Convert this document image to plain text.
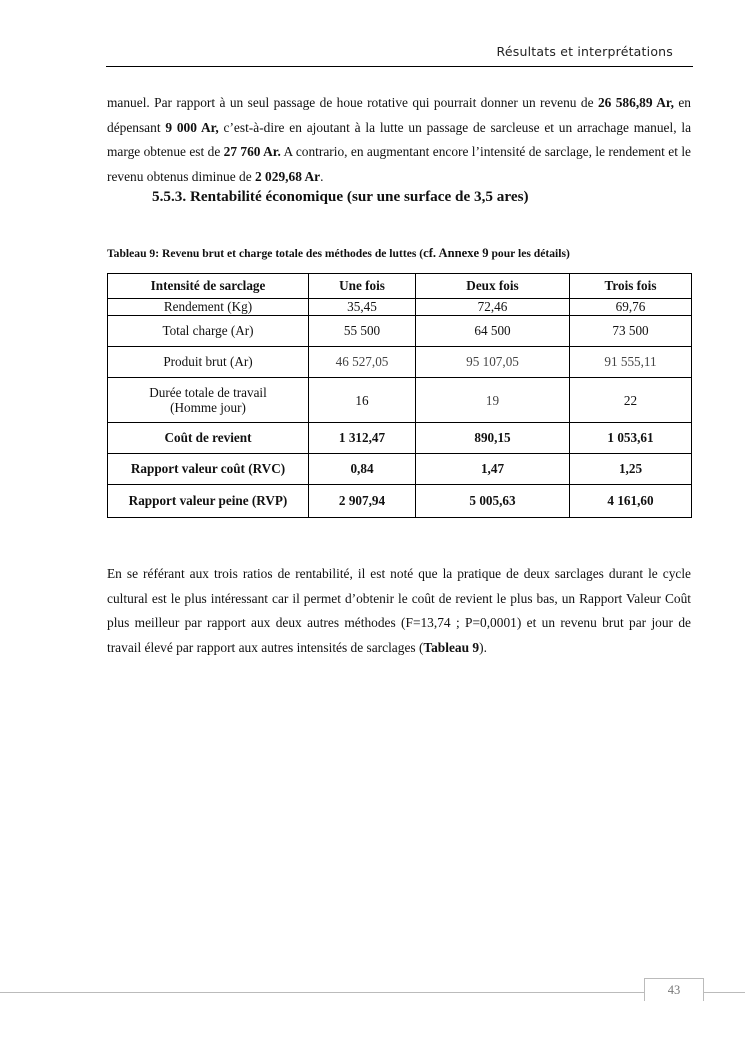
Résultats et interprétations

manuel. Par rapport à un seul passage de houe rotative qui pourrait donner un revenu de 26 586,89 Ar, en dépensant 9 000 Ar, c’est-à-dire en ajoutant à la lutte un passage de sarcleuse et un arrachage manuel, la marge obtenue est de 27 760 Ar. A contrario, en augmentant encore l’intensité de sarclage, le rendement et le revenu obtenus diminue de 2 029,68 Ar.

5.5.3. Rentabilité économique (sur une surface de 3,5 ares)

Tableau 9: Revenu brut et charge totale des méthodes de luttes (cf. Annexe 9 pour les détails)

Intensité de sarclage	Une fois	Deux fois	Trois fois
Rendement (Kg)	35,45	72,46	69,76
Total charge (Ar)	55 500	64 500	73 500
Produit brut (Ar)	46 527,05	95 107,05	91 555,11

Durée totale de travail
(Homme jour)	16	19	22
Coût de revient	1 312,47	890,15	1 053,61
Rapport valeur coût (RVC)	0,84	1,47	1,25
Rapport valeur peine (RVP)	2 907,94	5 005,63	4 161,60

En se référant aux trois ratios de rentabilité, il est noté que la pratique de deux sarclages durant le cycle cultural est le plus intéressant car il permet d’obtenir le coût de revient le plus bas, un Rapport Valeur Coût plus meilleur par rapport aux deux autres méthodes (F=13,74 ; P=0,0001) et un revenu brut par jour de travail élevé par rapport aux autres intensités de sarclages (Tableau 9).

43
